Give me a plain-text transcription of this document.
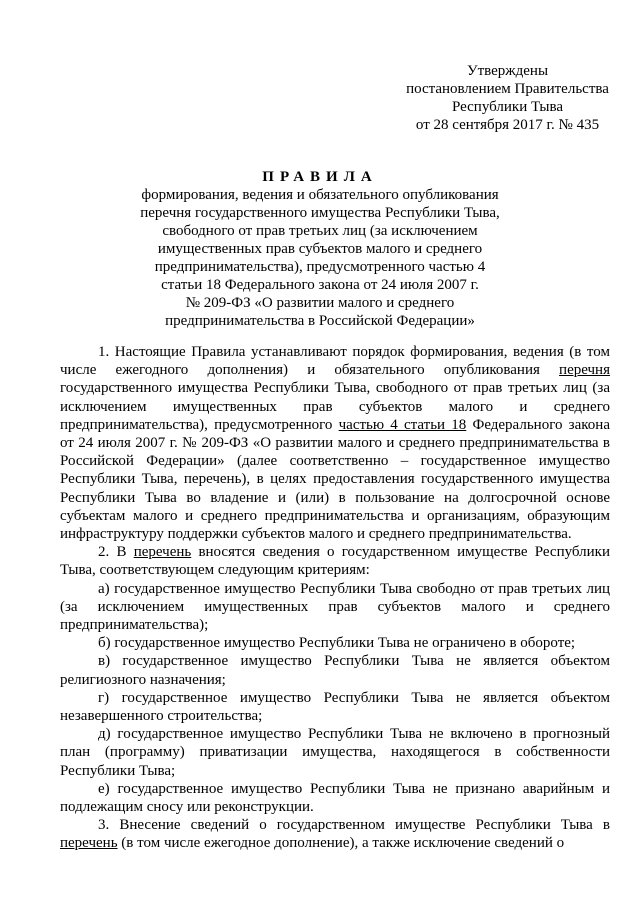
Утверждены
постановлением Правительства
Республики Тыва
от 28 сентября 2017 г. № 435
ПРАВИЛА
формирования, ведения и обязательного опубликования
перечня государственного имущества Республики Тыва,
свободного от прав третьих лиц (за исключением
имущественных прав субъектов малого и среднего
предпринимательства), предусмотренного частью 4
статьи 18 Федерального закона от 24 июля 2007 г.
№ 209-ФЗ «О развитии малого и среднего
предпринимательства в Российской Федерации»

1. Настоящие Правила устанавливают порядок формирования, ведения (в том числе ежегодного дополнения) и обязательного опубликования перечня государственного имущества Республики Тыва, свободного от прав третьих лиц (за исключением имущественных прав субъектов малого и среднего предпринимательства), предусмотренного частью 4 статьи 18 Федерального закона от 24 июля 2007 г. № 209-ФЗ «О развитии малого и среднего предпринимательства в Российской Федерации» (далее соответственно – государственное имущество Республики Тыва, перечень), в целях предоставления государственного имущества Республики Тыва во владение и (или) в пользование на долгосрочной основе субъектам малого и среднего предпринимательства и организациям, образующим инфраструктуру поддержки субъектов малого и среднего предпринимательства.

2. В перечень вносятся сведения о государственном имуществе Республики Тыва, соответствующем следующим критериям:

а) государственное имущество Республики Тыва свободно от прав третьих лиц (за исключением имущественных прав субъектов малого и среднего предпринимательства);

б) государственное имущество Республики Тыва не ограничено в обороте;

в) государственное имущество Республики Тыва не является объектом религиозного назначения;

г) государственное имущество Республики Тыва не является объектом незавершенного строительства;

д) государственное имущество Республики Тыва не включено в прогнозный план (программу) приватизации имущества, находящегося в собственности Республики Тыва;

е) государственное имущество Республики Тыва не признано аварийным и подлежащим сносу или реконструкции.

3. Внесение сведений о государственном имуществе Республики Тыва в перечень (в том числе ежегодное дополнение), а также исключение сведений о
